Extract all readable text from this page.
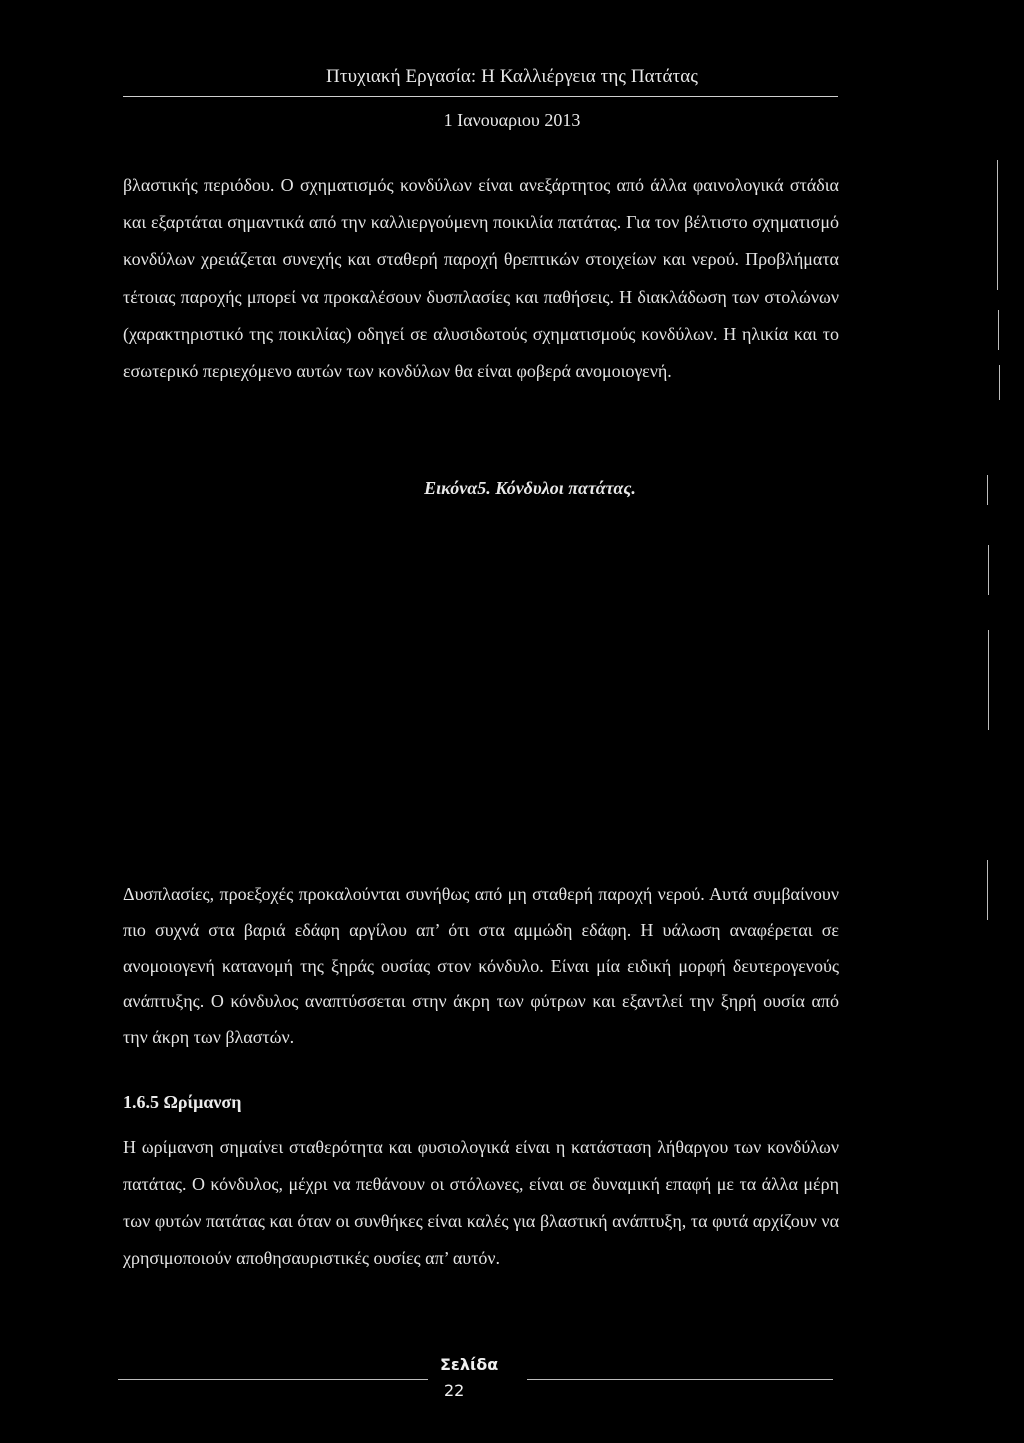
Πτυχιακή Εργασία: Η Καλλιέργεια της Πατάτας
1 Ιανουαριου 2013

βλαστικής περιόδου. Ο σχηματισμός κονδύλων είναι ανεξάρτητος από άλλα φαινολογικά στάδια και εξαρτάται σημαντικά από την καλλιεργούμενη ποικιλία πατάτας. Για τον βέλτιστο σχηματισμό κονδύλων χρειάζεται συνεχής και σταθερή παροχή θρεπτικών στοιχείων και νερού. Προβλήματα τέτοιας παροχής μπορεί να προκαλέσουν δυσπλασίες και παθήσεις. Η διακλάδωση των στολώνων (χαρακτηριστικό της ποικιλίας) οδηγεί σε αλυσιδωτούς σχηματισμούς κονδύλων. Η ηλικία και το εσωτερικό περιεχόμενο αυτών των κονδύλων θα είναι φοβερά ανομοιογενή.

Εικόνα5. Κόνδυλοι πατάτας.

Δυσπλασίες, προεξοχές προκαλούνται συνήθως από μη σταθερή παροχή νερού. Αυτά συμβαίνουν πιο συχνά στα βαριά εδάφη αργίλου απ’ ότι στα αμμώδη εδάφη. Η υάλωση αναφέρεται σε ανομοιογενή κατανομή της ξηράς ουσίας στον κόνδυλο. Είναι μία ειδική μορφή δευτερογενούς ανάπτυξης. Ο κόνδυλος αναπτύσσεται στην άκρη των φύτρων και εξαντλεί την ξηρή ουσία από την άκρη των βλαστών.

1.6.5 Ωρίμανση

Η ωρίμανση σημαίνει σταθερότητα και φυσιολογικά είναι η κατάσταση λήθαργου των κονδύλων πατάτας. Ο κόνδυλος, μέχρι να πεθάνουν οι στόλωνες, είναι σε δυναμική επαφή με τα άλλα μέρη των φυτών πατάτας και όταν οι συνθήκες είναι καλές για βλαστική ανάπτυξη, τα φυτά αρχίζουν να χρησιμοποιούν αποθησαυριστικές ουσίες απ’ αυτόν.

Σελίδα
22
